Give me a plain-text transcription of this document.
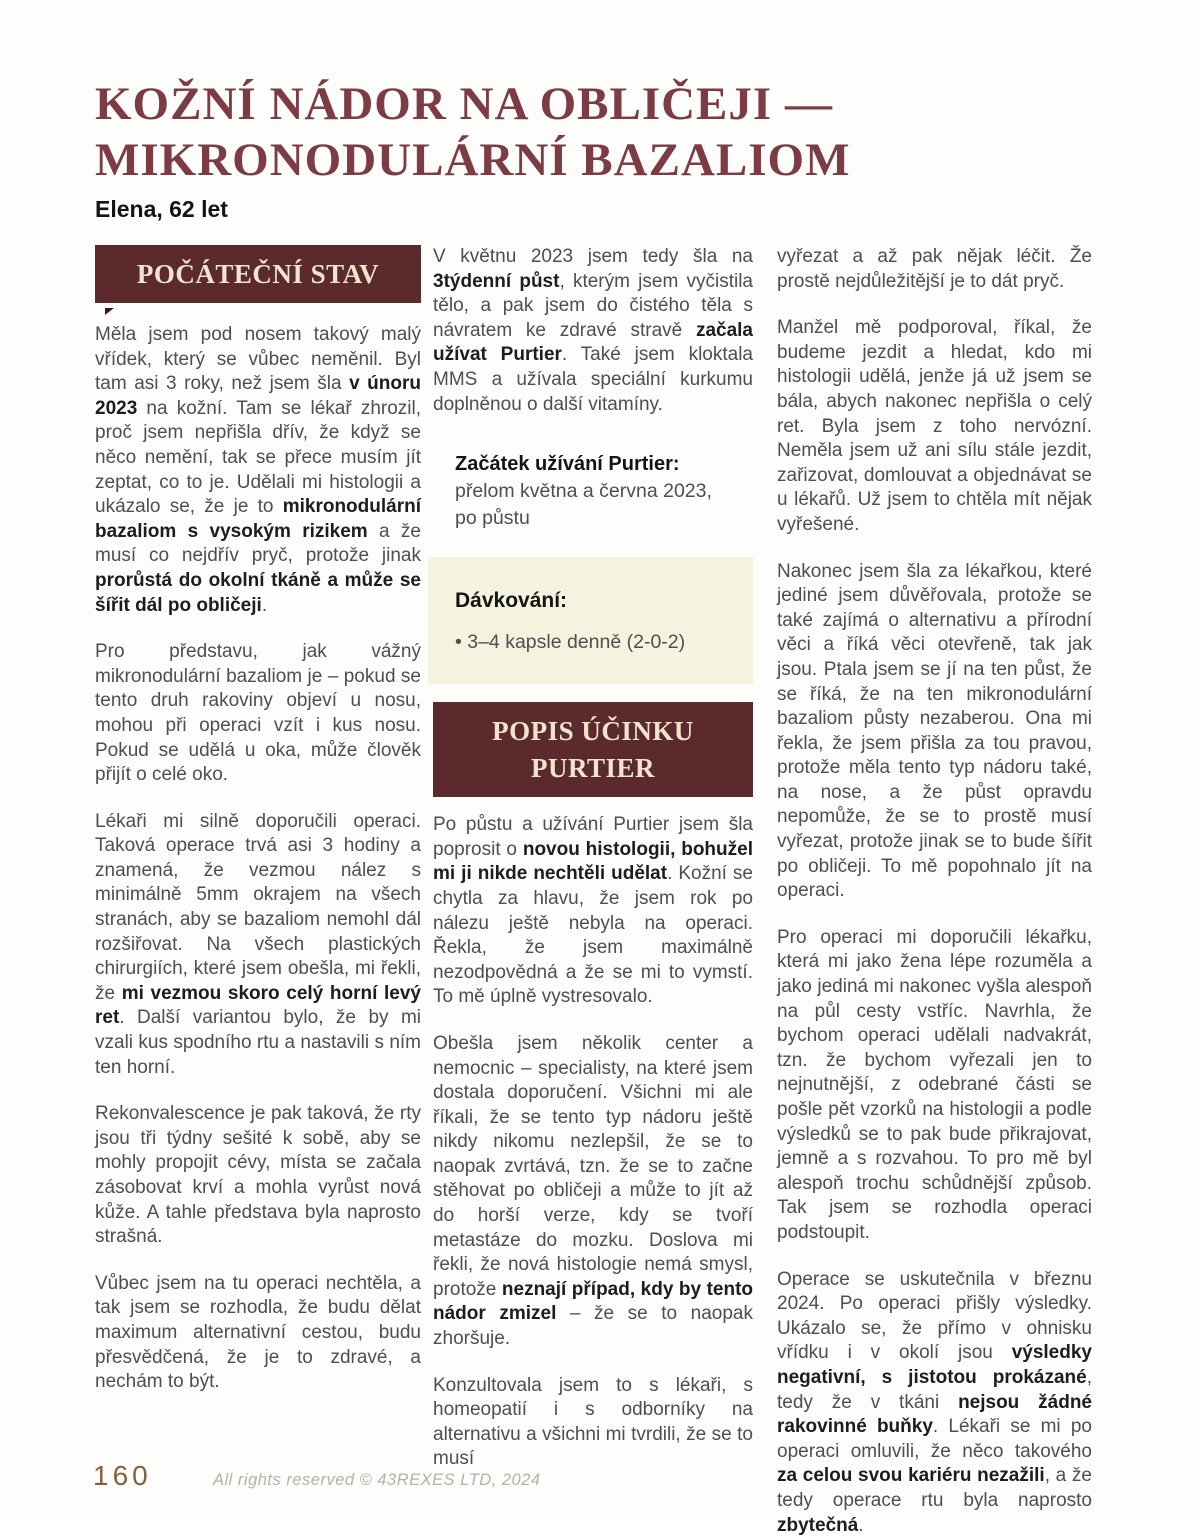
KOŽNÍ NÁDOR NA OBLIČEJI —
MIKRONODULÁRNÍ BAZALIOM
Elena, 62 let
POČÁTEČNÍ STAV

Měla jsem pod nosem takový malý vřídek, který se vůbec neměnil. Byl tam asi 3 roky, než jsem šla v únoru 2023 na kožní. Tam se lékař zhrozil, proč jsem nepřišla dřív, že když se něco nemění, tak se přece musím jít zeptat, co to je. Udělali mi histologii a ukázalo se, že je to mikronodulární bazaliom s vysokým rizikem a že musí co nejdřív pryč, protože jinak prorůstá do okolní tkáně a může se šířit dál po obličeji.

Pro představu, jak vážný mikronodulární bazaliom je – pokud se tento druh rakoviny objeví u nosu, mohou při operaci vzít i kus nosu. Pokud se udělá u oka, může člověk přijít o celé oko.

Lékaři mi silně doporučili operaci. Taková operace trvá asi 3 hodiny a znamená, že vezmou nález s minimálně 5mm okrajem na všech stranách, aby se bazaliom nemohl dál rozšiřovat. Na všech plastických chirurgiích, které jsem obešla, mi řekli, že mi vezmou skoro celý horní levý ret. Další variantou bylo, že by mi vzali kus spodního rtu a nastavili s ním ten horní.

Rekonvalescence je pak taková, že rty jsou tři týdny sešité k sobě, aby se mohly propojit cévy, místa se začala zásobovat krví a mohla vyrůst nová kůže. A tahle představa byla naprosto strašná.

Vůbec jsem na tu operaci nechtěla, a tak jsem se rozhodla, že budu dělat maximum alternativní cestou, budu přesvědčená, že je to zdravé, a nechám to být.

V květnu 2023 jsem tedy šla na 3týdenní půst, kterým jsem vyčistila tělo, a pak jsem do čistého těla s návratem ke zdravé stravě začala užívat Purtier. Také jsem kloktala MMS a užívala speciální kurkumu doplněnou o další vitamíny.

Začátek užívání Purtier:
přelom května a června 2023,
po půstu

Dávkování:

• 3–4 kapsle denně (2-0-2)

POPIS ÚČINKU
PURTIER

Po půstu a užívání Purtier jsem šla poprosit o novou histologii, bohužel mi ji nikde nechtěli udělat. Kožní se chytla za hlavu, že jsem rok po nálezu ještě nebyla na operaci. Řekla, že jsem maximálně nezodpovědná a že se mi to vymstí. To mě úplně vystresovalo.

Obešla jsem několik center a nemocnic – specialisty, na které jsem dostala doporučení. Všichni mi ale říkali, že se tento typ nádoru ještě nikdy nikomu nezlepšil, že se to naopak zvrtává, tzn. že se to začne stěhovat po obličeji a může to jít až do horší verze, kdy se tvoří metastáze do mozku. Doslova mi řekli, že nová histologie nemá smysl, protože neznají případ, kdy by tento nádor zmizel – že se to naopak zhoršuje.

Konzultovala jsem to s lékaři, s homeopatií i s odborníky na alternativu a všichni mi tvrdili, že se to musí

vyřezat a až pak nějak léčit. Že prostě nejdůležitější je to dát pryč.

Manžel mě podporoval, říkal, že budeme jezdit a hledat, kdo mi histologii udělá, jenže já už jsem se bála, abych nakonec nepřišla o celý ret. Byla jsem z toho nervózní. Neměla jsem už ani sílu stále jezdit, zařizovat, domlouvat a objednávat se u lékařů. Už jsem to chtěla mít nějak vyřešené.

Nakonec jsem šla za lékařkou, které jediné jsem důvěřovala, protože se také zajímá o alternativu a přírodní věci a říká věci otevřeně, tak jak jsou. Ptala jsem se jí na ten půst, že se říká, že na ten mikronodulární bazaliom půsty nezaberou. Ona mi řekla, že jsem přišla za tou pravou, protože měla tento typ nádoru také, na nose, a že půst opravdu nepomůže, že se to prostě musí vyřezat, protože jinak se to bude šířit po obličeji. To mě popohnalo jít na operaci.

Pro operaci mi doporučili lékařku, která mi jako žena lépe rozuměla a jako jediná mi nakonec vyšla alespoň na půl cesty vstříc. Navrhla, že bychom operaci udělali nadvakrát, tzn. že bychom vyřezali jen to nejnutnější, z odebrané části se pošle pět vzorků na histologii a podle výsledků se to pak bude přikrajovat, jemně a s rozvahou. To pro mě byl alespoň trochu schůdnější způsob. Tak jsem se rozhodla operaci podstoupit.

Operace se uskutečnila v březnu 2024. Po operaci přišly výsledky. Ukázalo se, že přímo v ohnisku vřídku i v okolí jsou výsledky negativní, s jistotou prokázané, tedy že v tkáni nejsou žádné rakovinné buňky. Lékaři se mi po operaci omluvili, že něco takového za celou svou kariéru nezažili, a že tedy operace rtu byla naprosto zbytečná.

160	All rights reserved © 43REXES LTD, 2024
